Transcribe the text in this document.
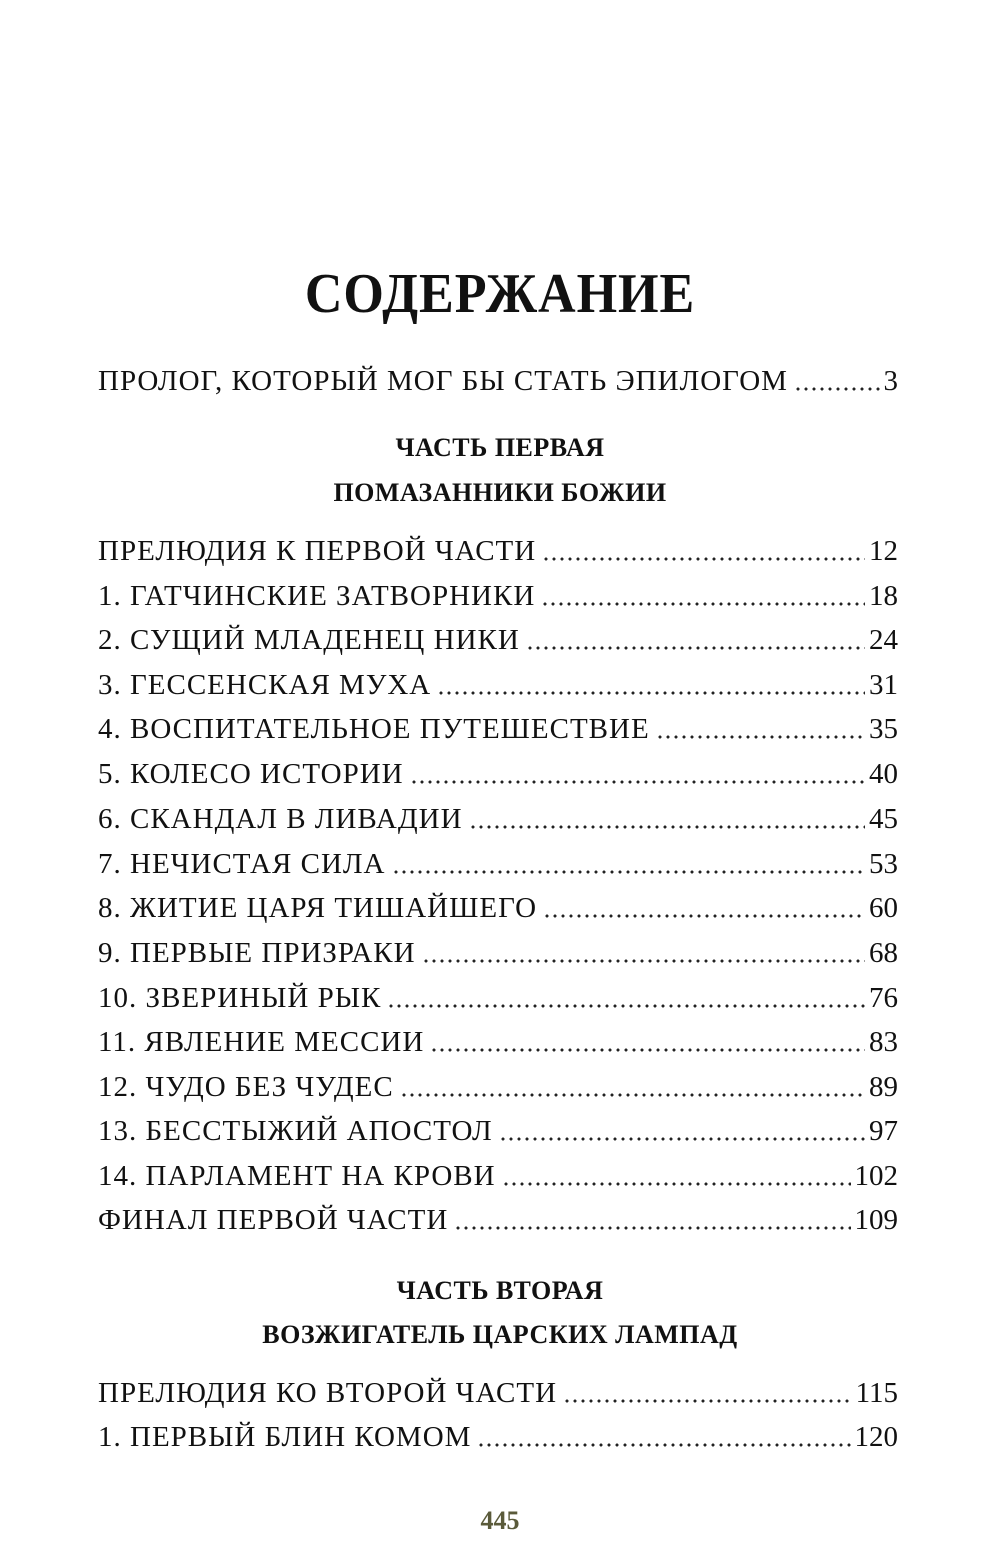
СОДЕРЖАНИЕ
ПРОЛОГ, КОТОРЫЙ МОГ БЫ СТАТЬ ЭПИЛОГОМ	3
ЧАСТЬ ПЕРВАЯ
ПОМАЗАННИКИ БОЖИИ
ПРЕЛЮДИЯ К ПЕРВОЙ ЧАСТИ	12
1. ГАТЧИНСКИЕ ЗАТВОРНИКИ	18
2. СУЩИЙ МЛАДЕНЕЦ НИКИ	24
3. ГЕССЕНСКАЯ МУХА	31
4. ВОСПИТАТЕЛЬНОЕ ПУТЕШЕСТВИЕ	35
5. КОЛЕСО ИСТОРИИ	40
6. СКАНДАЛ В ЛИВАДИИ	45
7. НЕЧИСТАЯ СИЛА	53
8. ЖИТИЕ ЦАРЯ ТИШАЙШЕГО	60
9. ПЕРВЫЕ ПРИЗРАКИ	68
10. ЗВЕРИНЫЙ РЫК	76
11. ЯВЛЕНИЕ МЕССИИ	83
12. ЧУДО БЕЗ ЧУДЕС	89
13. БЕССТЫЖИЙ АПОСТОЛ	97
14. ПАРЛАМЕНТ НА КРОВИ	102
ФИНАЛ ПЕРВОЙ ЧАСТИ	109
ЧАСТЬ ВТОРАЯ
ВОЗЖИГАТЕЛЬ ЦАРСКИХ ЛАМПАД
ПРЕЛЮДИЯ КО ВТОРОЙ ЧАСТИ	115
1. ПЕРВЫЙ БЛИН КОМОМ	120
445
